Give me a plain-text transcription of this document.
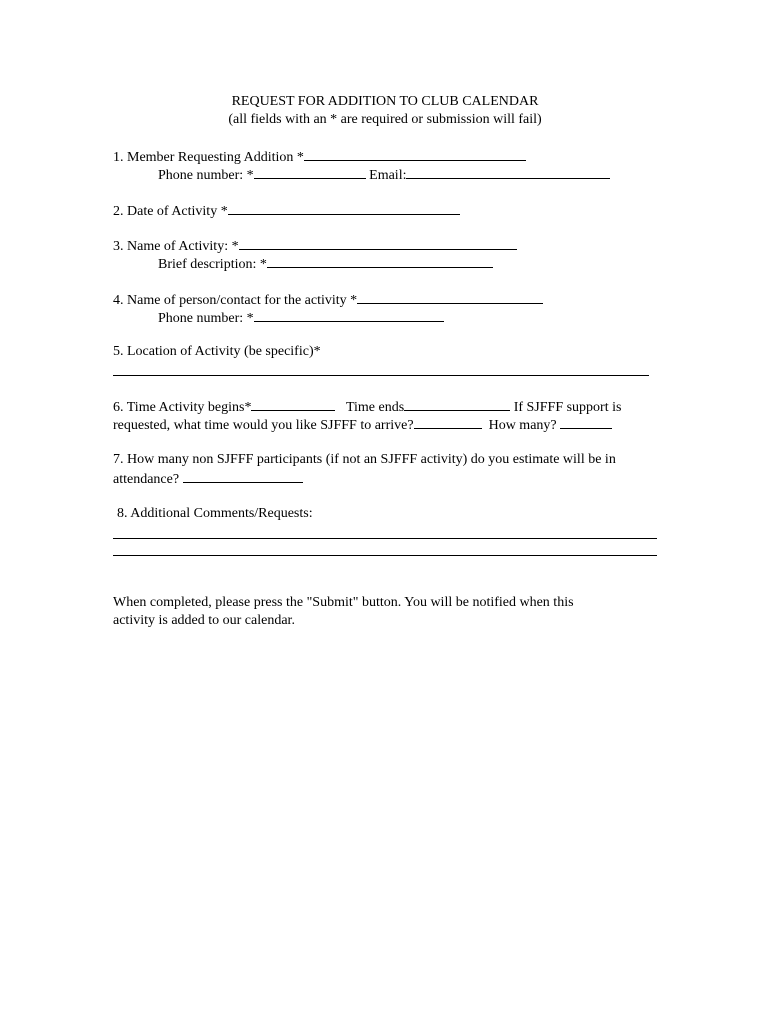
REQUEST FOR ADDITION TO CLUB CALENDAR
(all fields with an * are required or submission will fail)
1. Member Requesting Addition *
Phone number: *	Email:
2. Date of Activity *
3. Name of Activity: *
Brief description: *
4. Name of person/contact for the activity *
Phone number: *
5. Location of Activity (be specific)*
6. Time Activity begins*	Time ends	If SJFFF support is
requested, what time would you like SJFFF to arrive?	How many?
7. How many non SJFFF participants (if not an SJFFF activity) do you estimate will be in
attendance?
8. Additional Comments/Requests:
When completed, please press the "Submit" button. You will be notified when this
activity is added to our calendar.
